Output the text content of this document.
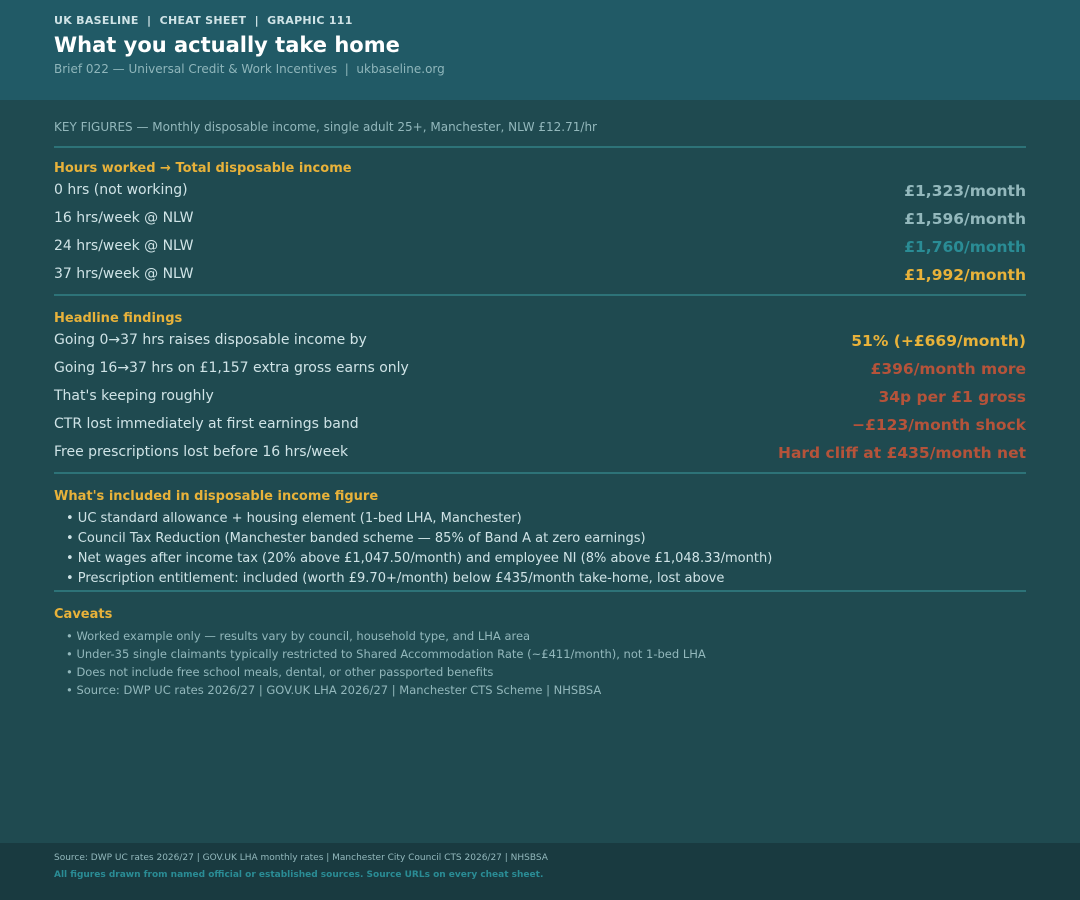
UK BASELINE  |  CHEAT SHEET  |  GRAPHIC 111
What you actually take home
Brief 022 — Universal Credit & Work Incentives  |  ukbaseline.org
KEY FIGURES — Monthly disposable income, single adult 25+, Manchester, NLW £12.71/hr
Hours worked → Total disposable income
0 hrs (not working)	£1,323/month
16 hrs/week @ NLW	£1,596/month
24 hrs/week @ NLW	£1,760/month
37 hrs/week @ NLW	£1,992/month
Headline findings
Going 0→37 hrs raises disposable income by	51% (+£669/month)
Going 16→37 hrs on £1,157 extra gross earns only	£396/month more
That's keeping roughly	34p per £1 gross
CTR lost immediately at first earnings band	−£123/month shock
Free prescriptions lost before 16 hrs/week	Hard cliff at £435/month net
What's included in disposable income figure
• UC standard allowance + housing element (1-bed LHA, Manchester)
• Council Tax Reduction (Manchester banded scheme — 85% of Band A at zero earnings)
• Net wages after income tax (20% above £1,047.50/month) and employee NI (8% above £1,048.33/month)
• Prescription entitlement: included (worth £9.70+/month) below £435/month take-home, lost above
Caveats
• Worked example only — results vary by council, household type, and LHA area
• Under-35 single claimants typically restricted to Shared Accommodation Rate (~£411/month), not 1-bed LHA
• Does not include free school meals, dental, or other passported benefits
• Source: DWP UC rates 2026/27 | GOV.UK LHA 2026/27 | Manchester CTS Scheme | NHSBSA
Source: DWP UC rates 2026/27 | GOV.UK LHA monthly rates | Manchester City Council CTS 2026/27 | NHSBSA
All figures drawn from named official or established sources. Source URLs on every cheat sheet.
